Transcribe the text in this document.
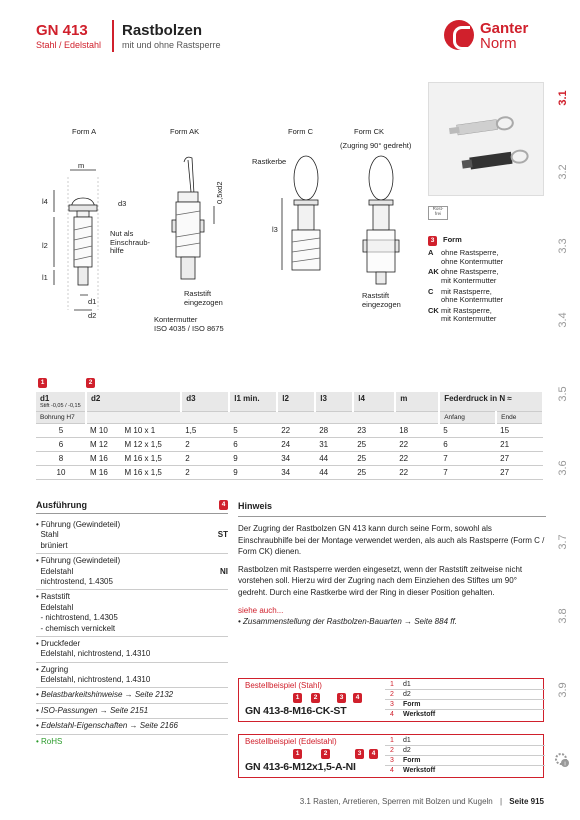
GN 413
Stahl / Edelstahl
Rastbolzen
mit und ohne Rastsperre
Ganter
Norm
3.1
3.2
3.3
3.4
3.5
3.6
3.7
3.8
3.9
Form A	Form AK	Form C	Form CK
(Zugring 90° gedreht)
m
d3
l4
l2
l1
d1
d2
Nut als
Einschraub-
hilfe
0,5xd2
Raststift
eingezogen
Kontermutter
ISO 4035 / ISO 8675
Rastkerbe
l3
Raststift
eingezogen
Rost-
frei
3	Form
A	ohne Rastsperre,
ohne Kontermutter
AK ohne Rastsperre,
mit Kontermutter
C	mit Rastsperre,
ohne Kontermutter
CK mit Rastsperre,
mit Kontermutter
1	2
d1
Stift -0,05 / -0,15	d2		d3	l1 min.	l2	l3	l4	m	Federdruck in N ≈	
Bohrung H7									Anfang	Ende
5	M 10	M 10 x 1	1,5	5	22	28	23	18	5	15
6	M 12	M 12 x 1,5	2	6	24	31	25	22	6	21
8	M 16	M 16 x 1,5	2	9	34	44	25	22	7	27
10	M 16	M 16 x 1,5	2	9	34	44	25	22	7	27
Ausführung	4
• Führung (Gewindeteil)
Stahl
brüniert
ST
• Führung (Gewindeteil)
Edelstahl
nichtrostend, 1.4305
NI
• Raststift
Edelstahl
- nichtrostend, 1.4305
- chemisch vernickelt
• Druckfeder
Edelstahl, nichtrostend, 1.4310
• Zugring
Edelstahl, nichtrostend, 1.4310
• Belastbarkeitshinweise → Seite 2132
• ISO-Passungen → Seite 2151
• Edelstahl-Eigenschaften → Seite 2166
• RoHS
Hinweis

Der Zugring der Rastbolzen GN 413 kann durch seine Form, sowohl als Einschraubhilfe bei der Montage verwendet werden, als auch als Rastsperre (Form C / Form CK) dienen.

Rastbolzen mit Rastsperre werden eingesetzt, wenn der Raststift zeitweise nicht vorstehen soll. Hierzu wird der Zugring nach dem Einziehen des Stiftes um 90° gedreht. Durch eine Rastkerbe wird der Ring in dieser Position gehalten.

siehe auch...
• Zusammenstellung der Rastbolzen-Bauarten → Seite 884 ff.
Bestellbeispiel (Stahl)
1	2	3	4
GN 413-8-M16-CK-ST
1	d1
2	d2
3	Form
4	Werkstoff
Bestellbeispiel (Edelstahl)
1	2	3	4
GN 413-6-M12x1,5-A-NI
1	d1
2	d2
3	Form
4	Werkstoff
i
3.1 Rasten, Arretieren, Sperren mit Bolzen und Kugeln | Seite 915
